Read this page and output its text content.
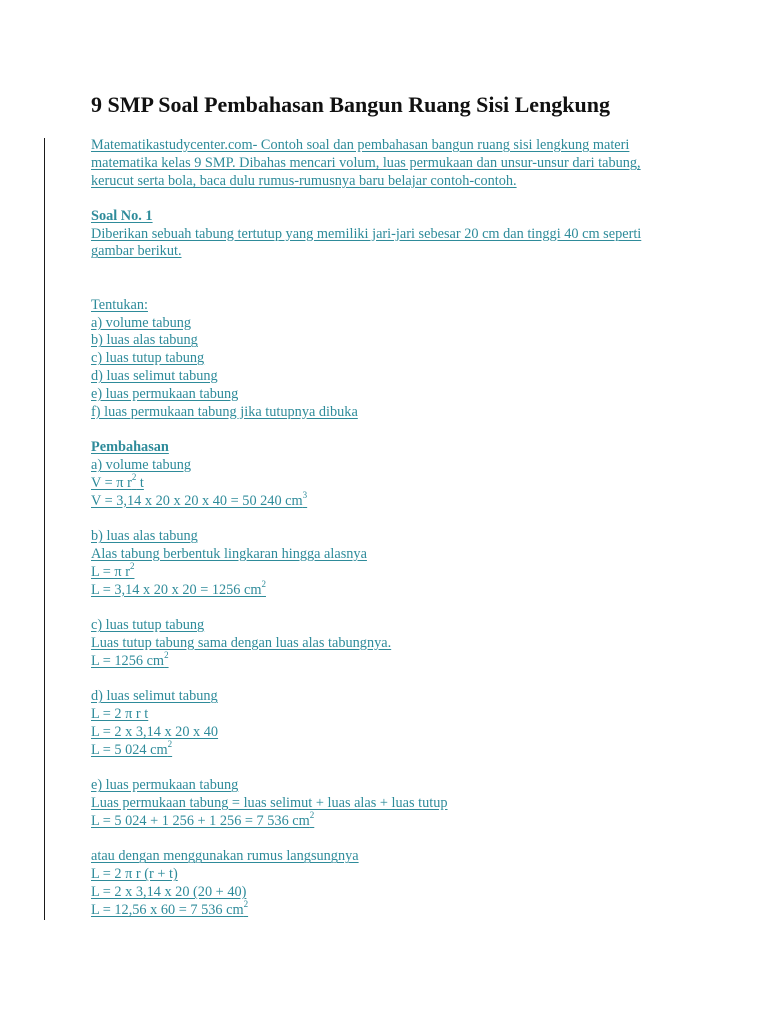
9 SMP Soal Pembahasan Bangun Ruang Sisi Lengkung
Matematikastudycenter.com- Contoh soal dan pembahasan bangun ruang sisi lengkung materi
matematika kelas 9 SMP. Dibahas mencari volum, luas permukaan dan unsur-unsur dari tabung,
kerucut serta bola, baca dulu rumus-rumusnya baru belajar contoh-contoh.
Soal No. 1
Diberikan sebuah tabung tertutup yang memiliki jari-jari sebesar 20 cm dan tinggi 40 cm seperti
gambar berikut.
Tentukan:
a) volume tabung
b) luas alas tabung
c) luas tutup tabung
d) luas selimut tabung
e) luas permukaan tabung
f) luas permukaan tabung jika tutupnya dibuka
Pembahasan
a) volume tabung
V = π $r^2$ t
V = 3,14 x 20 x 20 x 40 = 50 240 $cm^3$
b) luas alas tabung
Alas tabung berbentuk lingkaran hingga alasnya
L = π $r^2$
L = 3,14 x 20 x 20 = 1256 $cm^2$
c) luas tutup tabung
Luas tutup tabung sama dengan luas alas tabungnya.
L = 1256 $cm^2$
d) luas selimut tabung
L = 2 π r t
L = 2 x 3,14 x 20 x 40
L = 5 024 $cm^2$
e) luas permukaan tabung
Luas permukaan tabung = luas selimut + luas alas + luas tutup
L = 5 024 + 1 256 + 1 256 = 7 536 $cm^2$
atau dengan menggunakan rumus langsungnya
L = 2 π r (r + t)
L = 2 x 3,14 x 20 (20 + 40)
L = 12,56 x 60 = 7 536 $cm^2$
